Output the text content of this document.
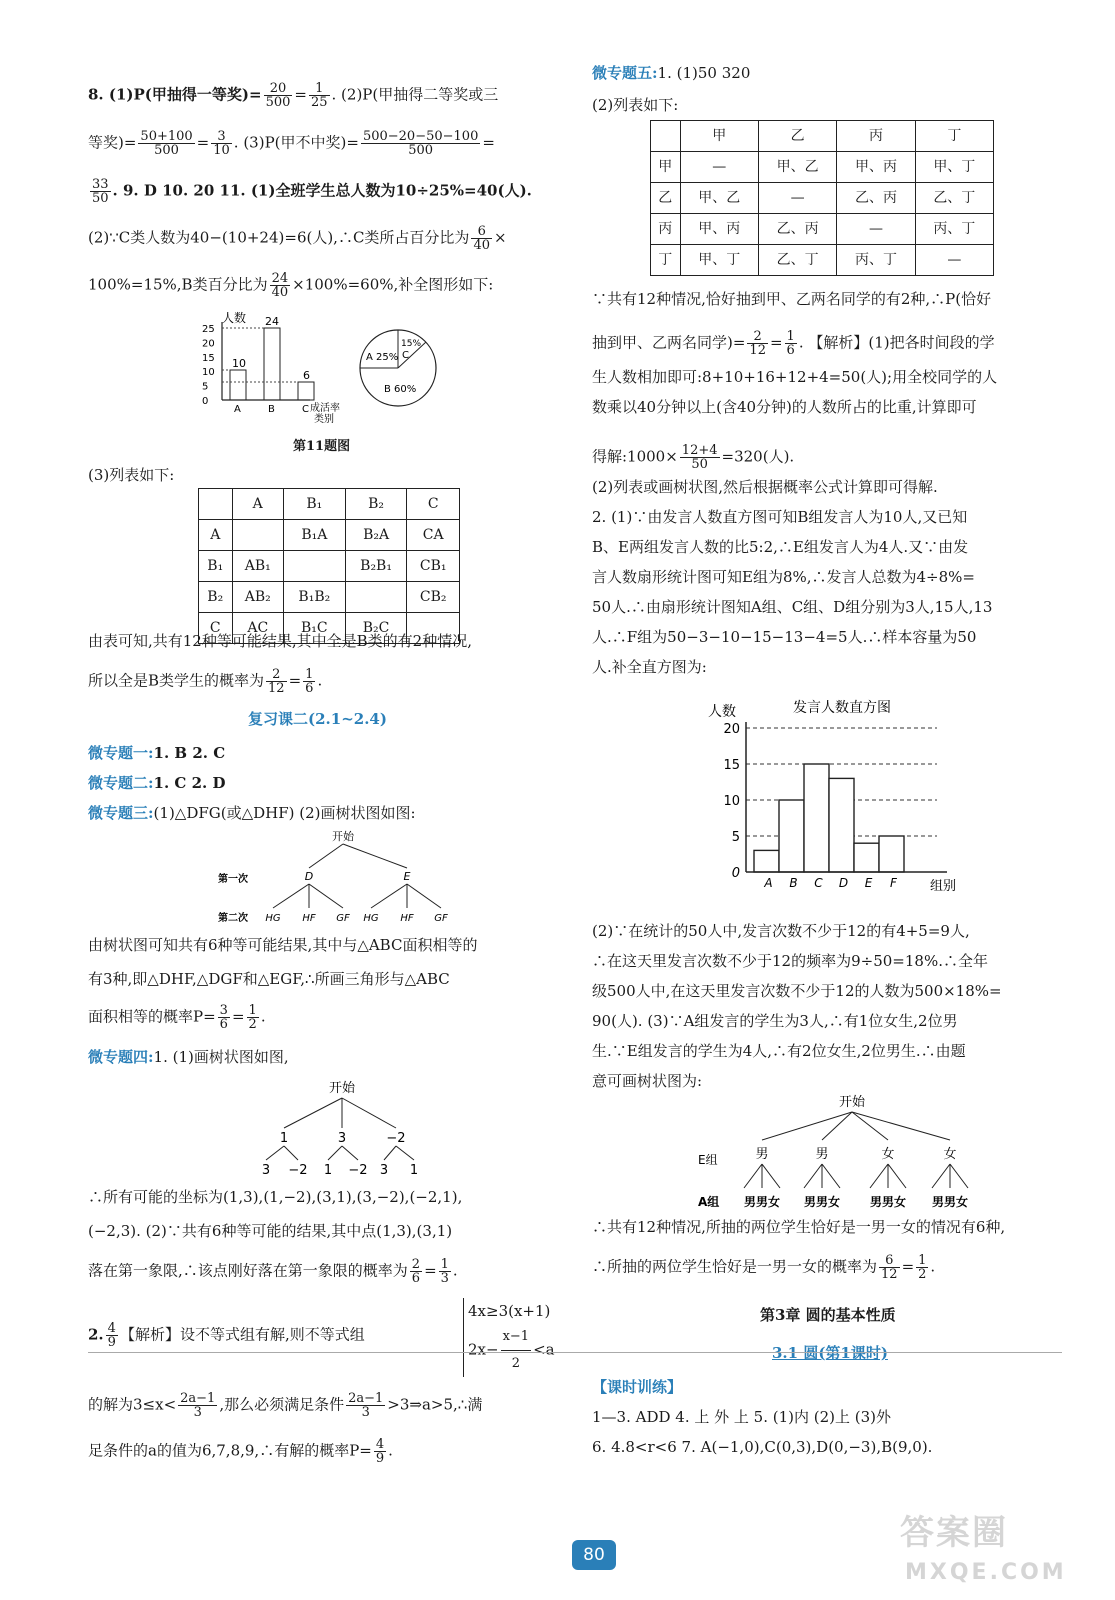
8. (1)P(甲抽得一等奖)= $\frac{20}{500} = \frac{1}{25}$ . (2)P(甲抽得二等奖或三
等奖)= $\frac{50+100}{500} = \frac{3}{10}$ . (3)P(甲不中奖)= $\frac{500-20-50-100}{500}$ =
$\frac{33}{50}$ . 9. D 10. 20 11. (1)全班学生总人数为10÷25%=40(人).
(2)∵C类人数为40−(10+24)=6(人),∴C类所占百分比为 $\frac{6}{40}$ ×
100%=15%,B类百分比为 $\frac{24}{40} \times 100\%=60\%$,补全图形如下:
人数
25
20
15
10
5
0
10
24
6
A	B	C 成活率
类别
A 25%
15%
C
B 60%
第11题图
(3)列表如下:
	A	B₁	B₂	C
A		B₁A	B₂A	CA
B₁	AB₁		B₂B₁	CB₁
B₂	AB₂	B₁B₂		CB₂
C	AC	B₁C	B₂C	
由表可知,共有12种等可能结果,其中全是B类的有2种情况,
所以全是B类学生的概率为 $\frac{2}{12} = \frac{1}{6}$ .
复习课二(2.1~2.4)
微专题一:1. B 2. C
微专题二:1. C 2. D
微专题三:(1)△DFG(或△DHF) (2)画树状图如图:
开始
第一次	D	E
HG HF GF HG HF GF
第二次
由树状图可知共有6种等可能结果,其中与△ABC面积相等的
有3种,即△DHF,△DGF和△EGF,∴所画三角形与△ABC
面积相等的概率$P= \frac{3}{6} = \frac{1}{2}$ .
微专题四:1. (1)画树状图如图,
开始
1	3	−2
3 −2 1 −2 3 1
∴所有可能的坐标为(1,3),(1,−2),(3,1),(3,−2),(−2,1),
(−2,3). (2)∵共有6种等可能的结果,其中点(1,3),(3,1)
落在第一象限,∴该点刚好落在第一象限的概率为 $\frac{2}{6} = \frac{1}{3}$ .
2. $\frac{4}{9}$ 【解析】设不等式组有解,则不等式组
4x≥3(x+1)
$2x- \frac{x-1}{2} <a$
的解为$3\le x< \frac{2a-1}{3}$ ,那么必须满足条件 $\frac{2a-1}{3}$ >3⇒a>5,∴满
足条件的a的值为6,7,8,9,∴有解的概率$P= \frac{4}{9}$ .
微专题五:1. (1)50 320
(2)列表如下:
	甲	乙	丙	丁
甲	—	甲、乙	甲、丙	甲、丁
乙	甲、乙	—	乙、丙	乙、丁
丙	甲、丙	乙、丙	—	丙、丁
丁	甲、丁	乙、丁	丙、丁	—
∵共有12种情况,恰好抽到甲、乙两名同学的有2种,∴P(恰好
抽到甲、乙两名同学)= $\frac{2}{12} = \frac{1}{6}$ . 【解析】(1)把各时间段的学
生人数相加即可:8+10+16+12+4=50(人);用全校同学的人
数乘以40分钟以上(含40分钟)的人数所占的比重,计算即可
得解:1000× $\frac{12+4}{50} =320$(人).
(2)列表或画树状图,然后根据概率公式计算即可得解.
2. (1)∵由发言人数直方图可知B组发言人为10人,又已知
B、E两组发言人数的比5:2,∴E组发言人为4人.又∵由发
言人数扇形统计图可知E组为8%,∴发言人总数为4÷8%=
50人.∴由扇形统计图知A组、C组、D组分别为3人,15人,13
人.∴F组为50−3−10−15−13−4=5人.∴样本容量为50
人.补全直方图为:
发言人数直方图
人数
组别
0
5
10
15
20
A B C D E F
(2)∵在统计的50人中,发言次数不少于12的有4+5=9人,
∴在这天里发言次数不少于12的频率为9÷50=18%.∴全年
级500人中,在这天里发言次数不少于12的人数为500×18%=
90(人). (3)∵A组发言的学生为3人,∴有1位女生,2位男
生.∵E组发言的学生为4人,∴有2位女生,2位男生.∴由题
意可画树状图为:
开始
E组
A组
男
男男女
男
男男女
女
男男女
女
男男女
∴共有12种情况,所抽的两位学生恰好是一男一女的情况有6种,
∴所抽的两位学生恰好是一男一女的概率为 $\frac{6}{12} = \frac{1}{2}$ .
第3章 圆的基本性质
3.1 圆(第1课时)
【课时训练】
1—3. ADD 4. 上 外 上 5. (1)内 (2)上 (3)外
6. 4.8<r<6 7. A(−1,0),C(0,3),D(0,−3),B(9,0).
80
答案圈
MXQE.COM
